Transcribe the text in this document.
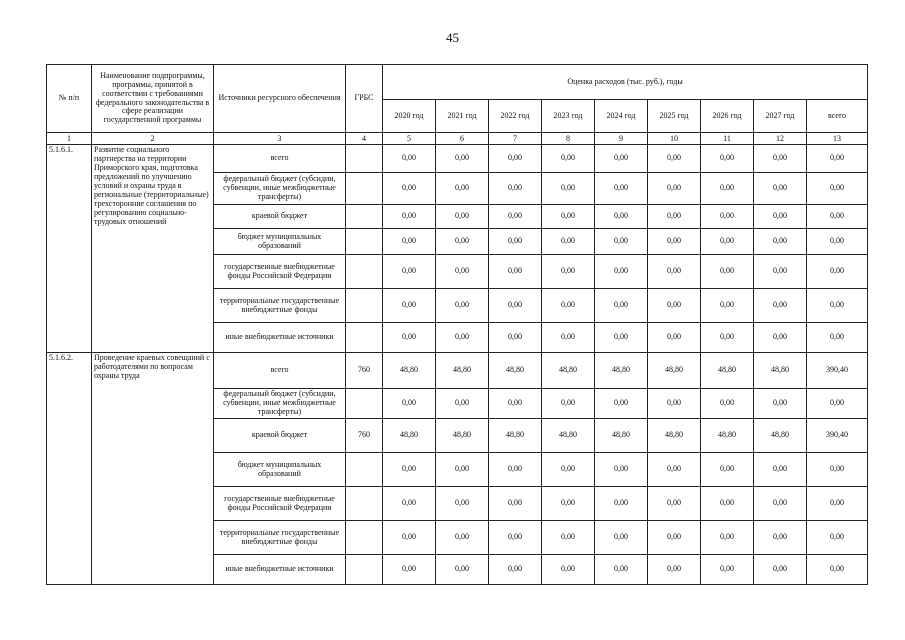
45
№ п/п	Наименование подпрограммы, программы, принятой в соответствии с требованиями федерального законодательства в сфере реализации государственной программы	Источники ресурсного обеспечения	ГРБС	Оценка расходов (тыс. руб.), годы								
				2020 год	2021 год	2022 год	2023 год	2024 год	2025 год	2026 год	2027 год	всего
1	2	3	4	5	6	7	8	9	10	11	12	13
5.1.6.1.	Развитие социального партнерства на территории Приморского края, подготовка предложений по улучшению условий и охраны труда в региональные (территориальные) трехсторонние соглашения по регулированию социально-трудовых отношений	всего		0,00	0,00	0,00	0,00	0,00	0,00	0,00	0,00	0,00
		федеральный бюджет (субсидии, субвенции, иные межбюджетные трансферты)		0,00	0,00	0,00	0,00	0,00	0,00	0,00	0,00	0,00
		краевой бюджет		0,00	0,00	0,00	0,00	0,00	0,00	0,00	0,00	0,00
		бюджет муниципальных образований		0,00	0,00	0,00	0,00	0,00	0,00	0,00	0,00	0,00
		государственные внебюджетные фонды Российской Федерации		0,00	0,00	0,00	0,00	0,00	0,00	0,00	0,00	0,00
		территориальные государственные внебюджетные фонды		0,00	0,00	0,00	0,00	0,00	0,00	0,00	0,00	0,00
		иные внебюджетные источники		0,00	0,00	0,00	0,00	0,00	0,00	0,00	0,00	0,00
5.1.6.2.	Проведение краевых совещаний с работодателями по вопросам охраны труда	всего	760	48,80	48,80	48,80	48,80	48,80	48,80	48,80	48,80	390,40
		федеральный бюджет (субсидии, субвенции, иные межбюджетные трансферты)		0,00	0,00	0,00	0,00	0,00	0,00	0,00	0,00	0,00
		краевой бюджет	760	48,80	48,80	48,80	48,80	48,80	48,80	48,80	48,80	390,40
		бюджет муниципальных образований		0,00	0,00	0,00	0,00	0,00	0,00	0,00	0,00	0,00
		государственные внебюджетные фонды Российской Федерации		0,00	0,00	0,00	0,00	0,00	0,00	0,00	0,00	0,00
		территориальные государственные внебюджетные фонды		0,00	0,00	0,00	0,00	0,00	0,00	0,00	0,00	0,00
		иные внебюджетные источники		0,00	0,00	0,00	0,00	0,00	0,00	0,00	0,00	0,00
